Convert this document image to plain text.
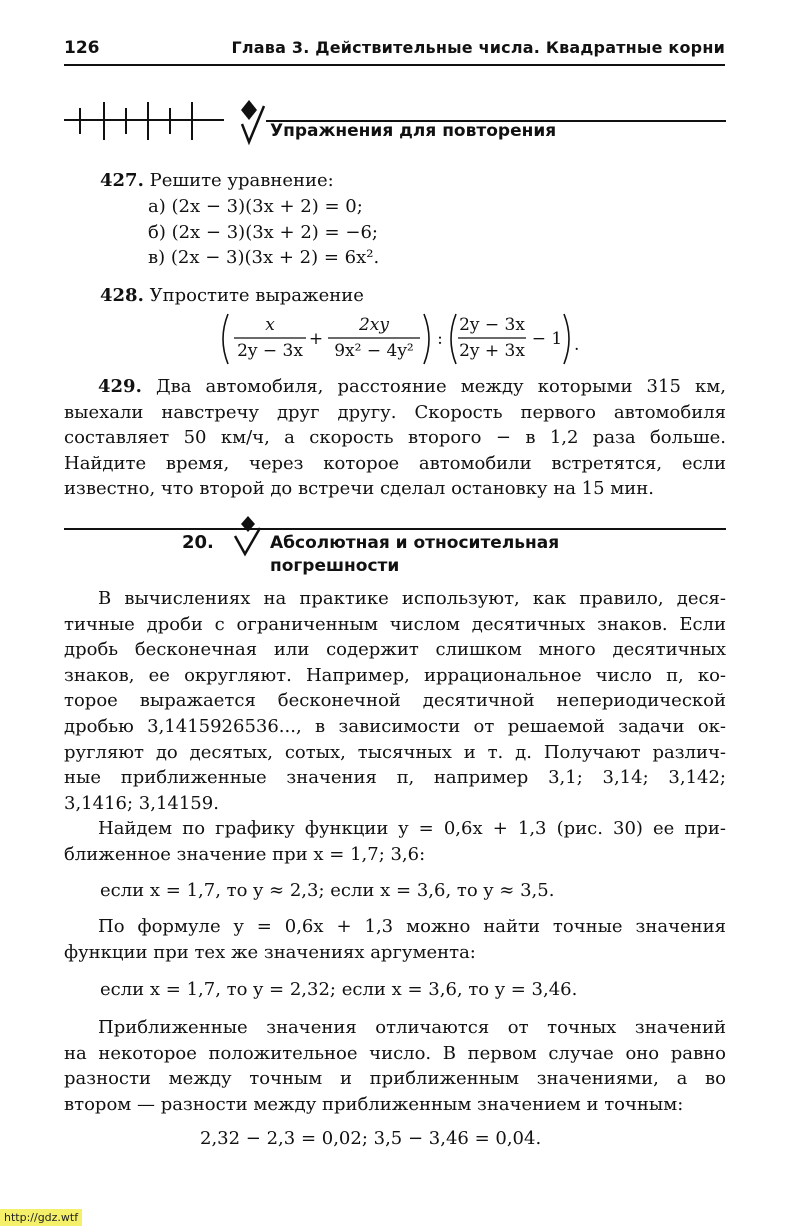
126	Глава 3. Действительные числа. Квадратные корни
Упражнения для повторения
427. Решите уравнение:
а) (2x − 3)(3x + 2) = 0;
б) (2x − 3)(3x + 2) = −6;
в) (2x − 3)(3x + 2) = 6x².
428. Упростите выражение
x
2y − 3x
+
2xy
9x² − 4y²
:
2y − 3x
2y + 3x
− 1 .
429. Два автомобиля, расстояние между которыми 315 км,
выехали навстречу друг другу. Скорость первого автомобиля
составляет 50 км/ч, а скорость второго − в 1,2 раза больше.
Найдите время, через которое автомобили встретятся, если
известно, что второй до встречи сделал остановку на 15 мин.
20.	Абсолютная и относительная
погрешности
В вычислениях на практике используют, как правило, деся-
тичные дроби с ограниченным числом десятичных знаков. Если
дробь бесконечная или содержит слишком много десятичных
знаков, ее округляют. Например, иррациональное число π, ко-
торое выражается бесконечной десятичной непериодической
дробью 3,1415926536..., в зависимости от решаемой задачи ок-
ругляют до десятых, сотых, тысячных и т. д. Получают различ-
ные приближенные значения π, например 3,1; 3,14; 3,142;
3,1416; 3,14159.
Найдем по графику функции y = 0,6x + 1,3 (рис. 30) ее при-
ближенное значение при x = 1,7; 3,6:
если x = 1,7, то y ≈ 2,3; если x = 3,6, то y ≈ 3,5.
По формуле y = 0,6x + 1,3 можно найти точные значения
функции при тех же значениях аргумента:
если x = 1,7, то y = 2,32; если x = 3,6, то y = 3,46.
Приближенные значения отличаются от точных значений
на некоторое положительное число. В первом случае оно равно
разности между точным и приближенным значениями, а во
втором — разности между приближенным значением и точным:
2,32 − 2,3 = 0,02; 3,5 − 3,46 = 0,04.
http://gdz.wtf
